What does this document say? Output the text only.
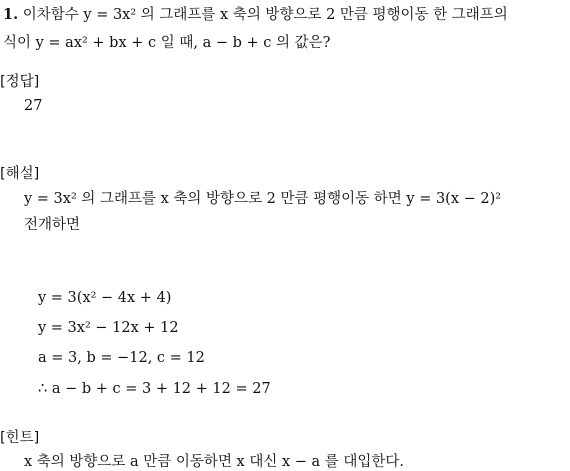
1. 이차함수 y = 3x² 의 그래프를 x 축의 방향으로 2 만큼 평행이동 한 그래프의
식이 y = ax² + bx + c 일 때, a − b + c 의 값은?
[정답]
27
[해설]
y = 3x² 의 그래프를 x 축의 방향으로 2 만큼 평행이동 하면 y = 3(x − 2)²
전개하면
y = 3(x² − 4x + 4)
y = 3x² − 12x + 12
a = 3, b = −12, c = 12
∴ a − b + c = 3 + 12 + 12 = 27
[힌트]
x 축의 방향으로 a 만큼 이동하면 x 대신 x − a 를 대입한다.
